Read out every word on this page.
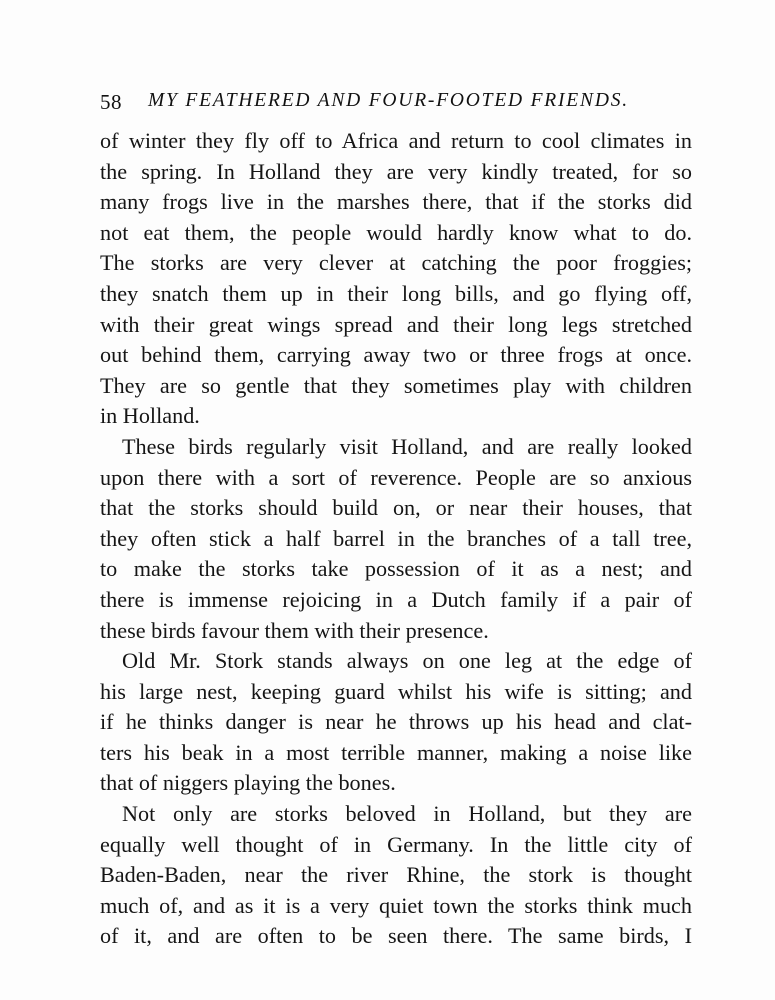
58 MY FEATHERED AND FOUR-FOOTED FRIENDS.

of winter they fly off to Africa and return to cool climates in
the spring. In Holland they are very kindly treated, for so
many frogs live in the marshes there, that if the storks did
not eat them, the people would hardly know what to do.
The storks are very clever at catching the poor froggies;
they snatch them up in their long bills, and go flying off,
with their great wings spread and their long legs stretched
out behind them, carrying away two or three frogs at once.
They are so gentle that they sometimes play with children
in Holland.

These birds regularly visit Holland, and are really looked
upon there with a sort of reverence. People are so anxious
that the storks should build on, or near their houses, that
they often stick a half barrel in the branches of a tall tree,
to make the storks take possession of it as a nest; and
there is immense rejoicing in a Dutch family if a pair of
these birds favour them with their presence.

Old Mr. Stork stands always on one leg at the edge of
his large nest, keeping guard whilst his wife is sitting; and
if he thinks danger is near he throws up his head and clat-
ters his beak in a most terrible manner, making a noise like
that of niggers playing the bones.

Not only are storks beloved in Holland, but they are
equally well thought of in Germany. In the little city of
Baden-Baden, near the river Rhine, the stork is thought
much of, and as it is a very quiet town the storks think much
of it, and are often to be seen there. The same birds, I
